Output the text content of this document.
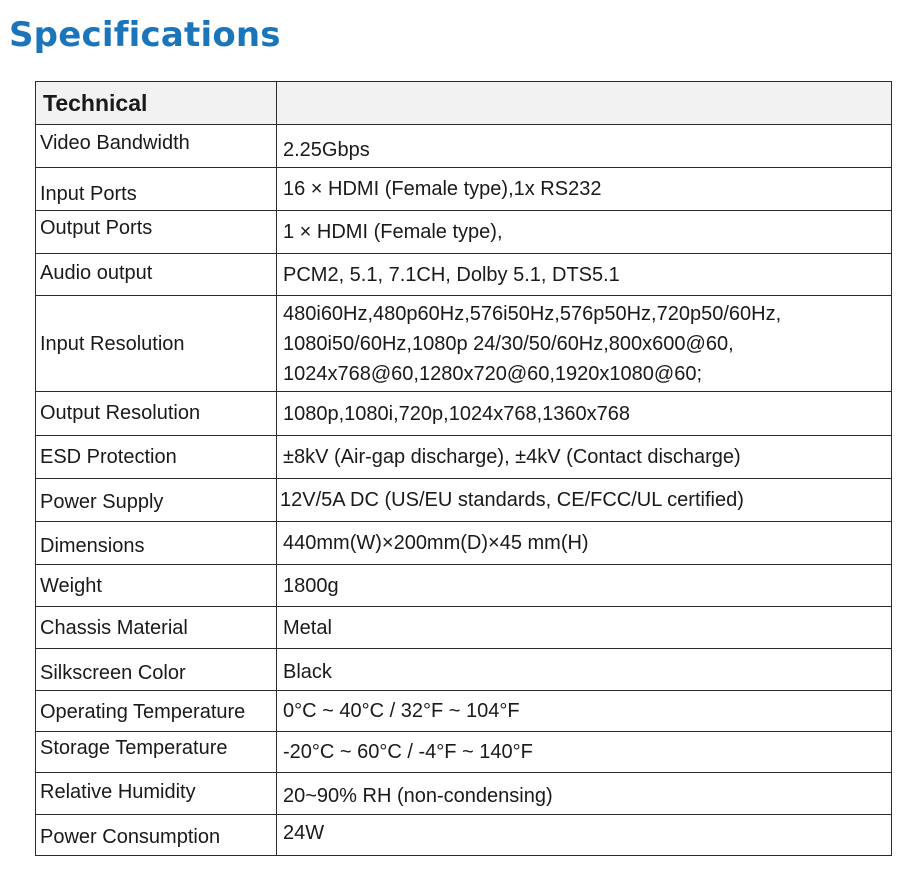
Specifications
Technical	
Video Bandwidth	2.25Gbps

Input Ports	16 × HDMI (Female type),1x RS232

Output Ports	1 × HDMI (Female type),

Audio output	PCM2, 5.1, 7.1CH, Dolby 5.1, DTS5.1

Input Resolution	480i60Hz,480p60Hz,576i50Hz,576p50Hz,720p50/60Hz,
1080i50/60Hz,1080p 24/30/50/60Hz,800x600@60,
1024x768@60,1280x720@60,1920x1080@60;

Output Resolution	1080p,1080i,720p,1024x768,1360x768

ESD Protection	±8kV (Air-gap discharge), ±4kV (Contact discharge)

Power Supply	12V/5A DC (US/EU standards, CE/FCC/UL certified)

Dimensions	440mm(W)×200mm(D)×45 mm(H)

Weight	1800g

Chassis Material	Metal

Silkscreen Color	Black

Operating Temperature	0°C ~ 40°C / 32°F ~ 104°F

Storage Temperature	-20°C ~ 60°C / -4°F ~ 140°F

Relative Humidity	20~90% RH (non-condensing)

Power Consumption	24W
